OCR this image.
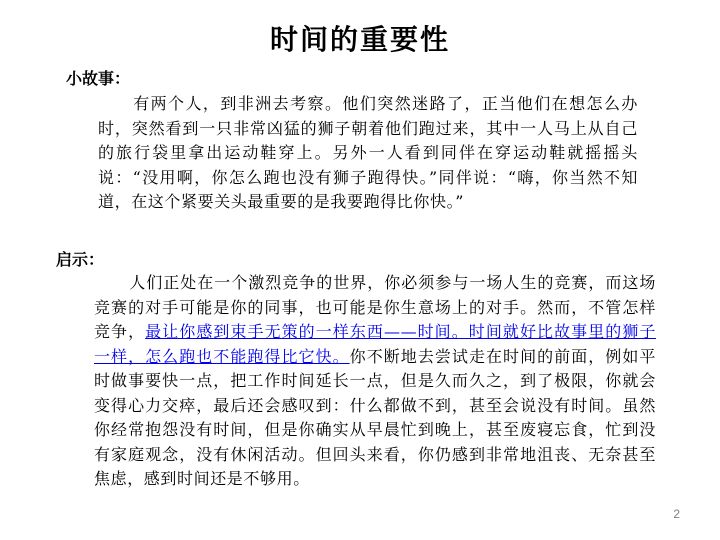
时间的重要性
小故事：
有两个人，到非洲去考察。他们突然迷路了，正当他们在想怎么办时，突然看到一只非常凶猛的狮子朝着他们跑过来，其中一人马上从自己的旅行袋里拿出运动鞋穿上。另外一人看到同伴在穿运动鞋就摇摇头说：“没用啊，你怎么跑也没有狮子跑得快。”同伴说：“嗨，你当然不知道，在这个紧要关头最重要的是我要跑得比你快。”
启示：
人们正处在一个激烈竞争的世界，你必须参与一场人生的竞赛，而这场竞赛的对手可能是你的同事，也可能是你生意场上的对手。然而，不管怎样竞争，最让你感到束手无策的一样东西——时间。时间就好比故事里的狮子一样，怎么跑也不能跑得比它快。你不断地去尝试走在时间的前面，例如平时做事要快一点，把工作时间延长一点，但是久而久之，到了极限，你就会变得心力交瘁，最后还会感叹到：什么都做不到，甚至会说没有时间。虽然你经常抱怨没有时间，但是你确实从早晨忙到晚上，甚至废寝忘食，忙到没有家庭观念，没有休闲活动。但回头来看，你仍感到非常地沮丧、无奈甚至焦虑，感到时间还是不够用。
2
